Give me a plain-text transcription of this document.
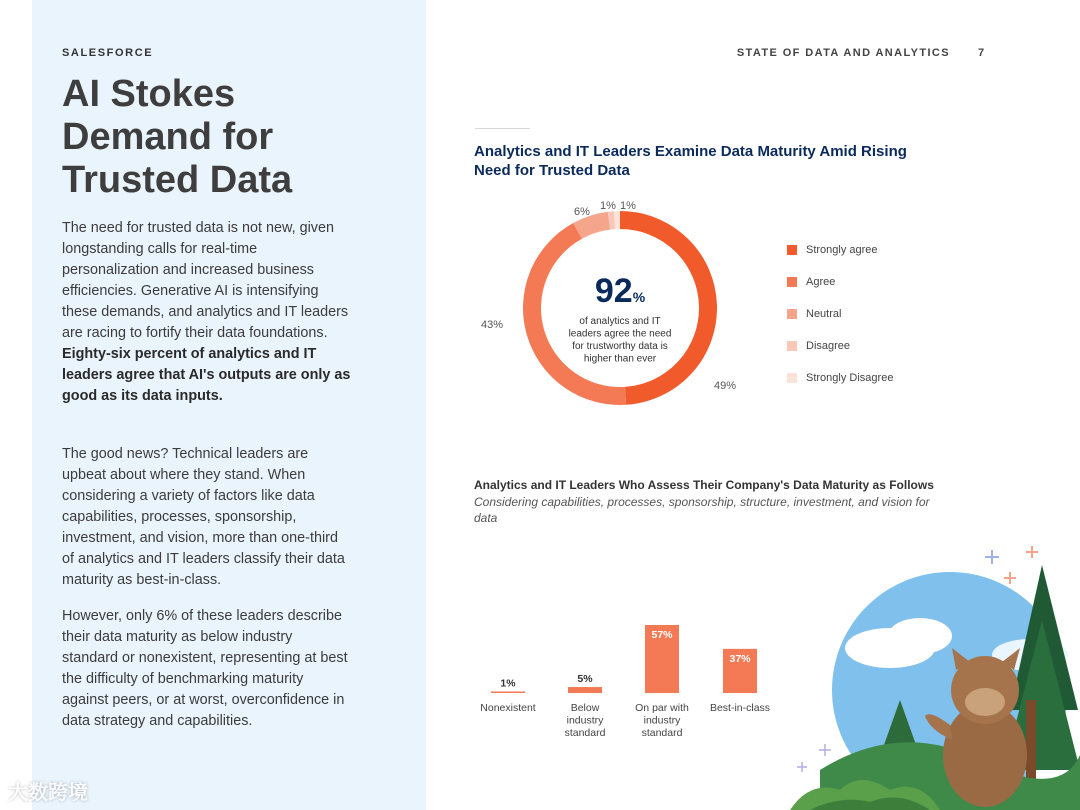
SALESFORCE
AI Stokes Demand for Trusted Data

The need for trusted data is not new, given longstanding calls for real-time personalization and increased business efficiencies. Generative AI is intensifying these demands, and analytics and IT leaders are racing to fortify their data foundations. Eighty-six percent of analytics and IT leaders agree that AI's outputs are only as good as its data inputs.

The good news? Technical leaders are upbeat about where they stand. When considering a variety of factors like data capabilities, processes, sponsorship, investment, and vision, more than one-third of analytics and IT leaders classify their data maturity as best-in-class.

However, only 6% of these leaders describe their data maturity as below industry standard or nonexistent, representing at best the difficulty of benchmarking maturity against peers, or at worst, overconfidence in data strategy and capabilities.

STATE OF DATA AND ANALYTICS	7
Analytics and IT Leaders Examine Data Maturity Amid Rising Need for Trusted Data
49%
43%
6% 1% 1%
92%
of analytics and IT
leaders agree the need
for trustworthy data is
higher than ever
Strongly agree
Agree
Neutral
Disagree
Strongly Disagree
Analytics and IT Leaders Who Assess Their Company's Data Maturity as Follows
Considering capabilities, processes, sponsorship, structure, investment, and vision for data
1%
Nonexistent
5%
Below
industry
standard
57%
On par with
industry
standard
37%
Best-in-class
大数跨境
